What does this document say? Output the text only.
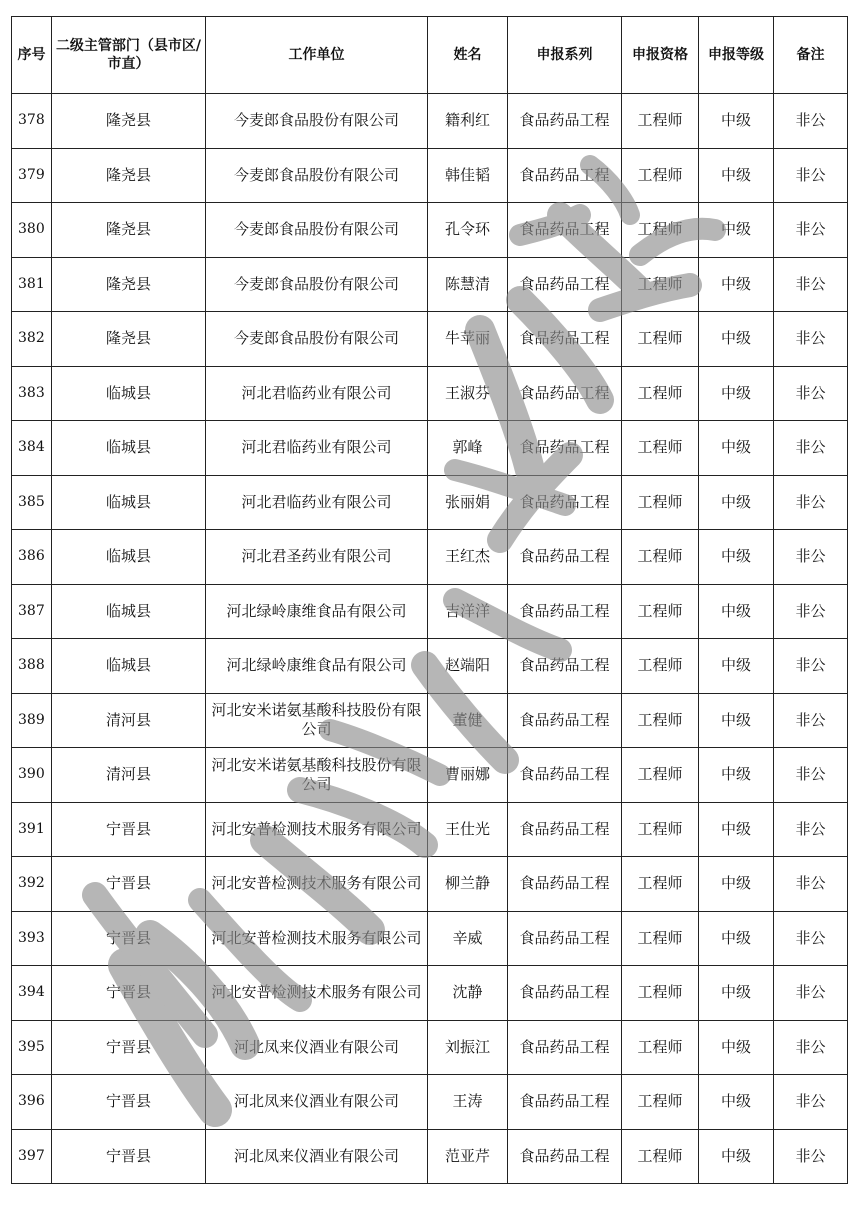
序号	二级主管部门（县市区/市直）	工作单位	姓名	申报系列	申报资格	申报等级	备注
378	隆尧县	今麦郎食品股份有限公司	籍利红	食品药品工程	工程师	中级	非公
379	隆尧县	今麦郎食品股份有限公司	韩佳韬	食品药品工程	工程师	中级	非公
380	隆尧县	今麦郎食品股份有限公司	孔令环	食品药品工程	工程师	中级	非公
381	隆尧县	今麦郎食品股份有限公司	陈慧清	食品药品工程	工程师	中级	非公
382	隆尧县	今麦郎食品股份有限公司	牛苹丽	食品药品工程	工程师	中级	非公
383	临城县	河北君临药业有限公司	王淑芬	食品药品工程	工程师	中级	非公
384	临城县	河北君临药业有限公司	郭峰	食品药品工程	工程师	中级	非公
385	临城县	河北君临药业有限公司	张丽娟	食品药品工程	工程师	中级	非公
386	临城县	河北君圣药业有限公司	王红杰	食品药品工程	工程师	中级	非公
387	临城县	河北绿岭康维食品有限公司	吉洋洋	食品药品工程	工程师	中级	非公
388	临城县	河北绿岭康维食品有限公司	赵端阳	食品药品工程	工程师	中级	非公
389	清河县	河北安米诺氨基酸科技股份有限公司	董健	食品药品工程	工程师	中级	非公
390	清河县	河北安米诺氨基酸科技股份有限公司	曹丽娜	食品药品工程	工程师	中级	非公
391	宁晋县	河北安普检测技术服务有限公司	王仕光	食品药品工程	工程师	中级	非公
392	宁晋县	河北安普检测技术服务有限公司	柳兰静	食品药品工程	工程师	中级	非公
393	宁晋县	河北安普检测技术服务有限公司	辛威	食品药品工程	工程师	中级	非公
394	宁晋县	河北安普检测技术服务有限公司	沈静	食品药品工程	工程师	中级	非公
395	宁晋县	河北凤来仪酒业有限公司	刘振江	食品药品工程	工程师	中级	非公
396	宁晋县	河北凤来仪酒业有限公司	王涛	食品药品工程	工程师	中级	非公
397	宁晋县	河北凤来仪酒业有限公司	范亚芹	食品药品工程	工程师	中级	非公
